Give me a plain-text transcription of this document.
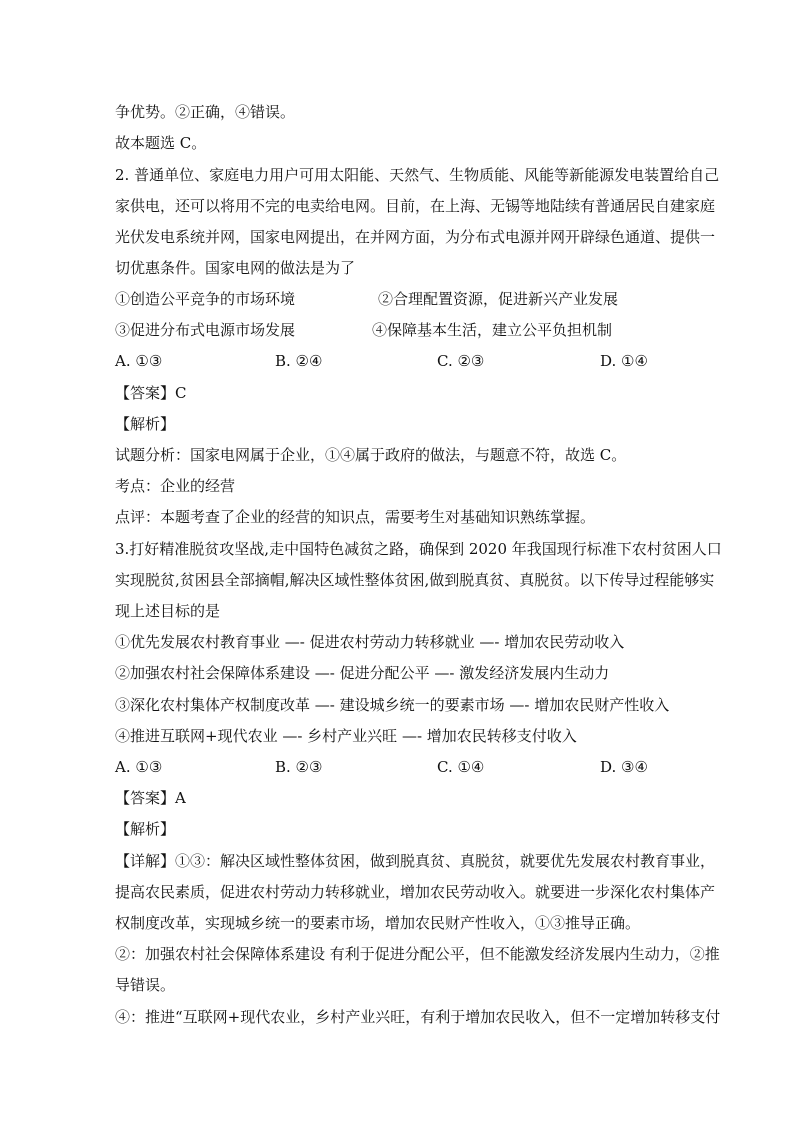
争优势。②正确，④错误。
故本题选 C。
2. 普通单位、家庭电力用户可用太阳能、天然气、生物质能、风能等新能源发电装置给自己
家供电，还可以将用不完的电卖给电网。目前，在上海、无锡等地陆续有普通居民自建家庭
光伏发电系统并网，国家电网提出，在并网方面，为分布式电源并网开辟绿色通道、提供一
切优惠条件。国家电网的做法是为了
①创造公平竞争的市场环境	②合理配置资源，促进新兴产业发展
③促进分布式电源市场发展	④保障基本生活，建立公平负担机制
A. ①③	B. ②④	C. ②③	D. ①④
【答案】C
【解析】
试题分析：国家电网属于企业，①④属于政府的做法，与题意不符，故选 C。
考点：企业的经营
点评：本题考查了企业的经营的知识点，需要考生对基础知识熟练掌握。
3.打好精准脱贫攻坚战,走中国特色减贫之路，确保到 2020 年我国现行标准下农村贫困人口
实现脱贫,贫困县全部摘帽,解决区域性整体贫困,做到脱真贫、真脱贫。以下传导过程能够实
现上述目标的是
①优先发展农村教育事业 —- 促进农村劳动力转移就业 —- 增加农民劳动收入
②加强农村社会保障体系建设 —- 促进分配公平 —- 激发经济发展内生动力
③深化农村集体产权制度改革 —- 建设城乡统一的要素市场 —- 增加农民财产性收入
④推进互联网+现代农业 —- 乡村产业兴旺 —- 增加农民转移支付收入
A. ①③	B. ②③	C. ①④	D. ③④
【答案】A
【解析】
【详解】①③：解决区域性整体贫困，做到脱真贫、真脱贫，就要优先发展农村教育事业，
提高农民素质，促进农村劳动力转移就业，增加农民劳动收入。就要进一步深化农村集体产
权制度改革，实现城乡统一的要素市场，增加农民财产性收入，①③推导正确。
②：加强农村社会保障体系建设 有利于促进分配公平，但不能激发经济发展内生动力，②推
导错误。
④：推进“互联网+现代农业，乡村产业兴旺，有利于增加农民收入，但不一定增加转移支付
